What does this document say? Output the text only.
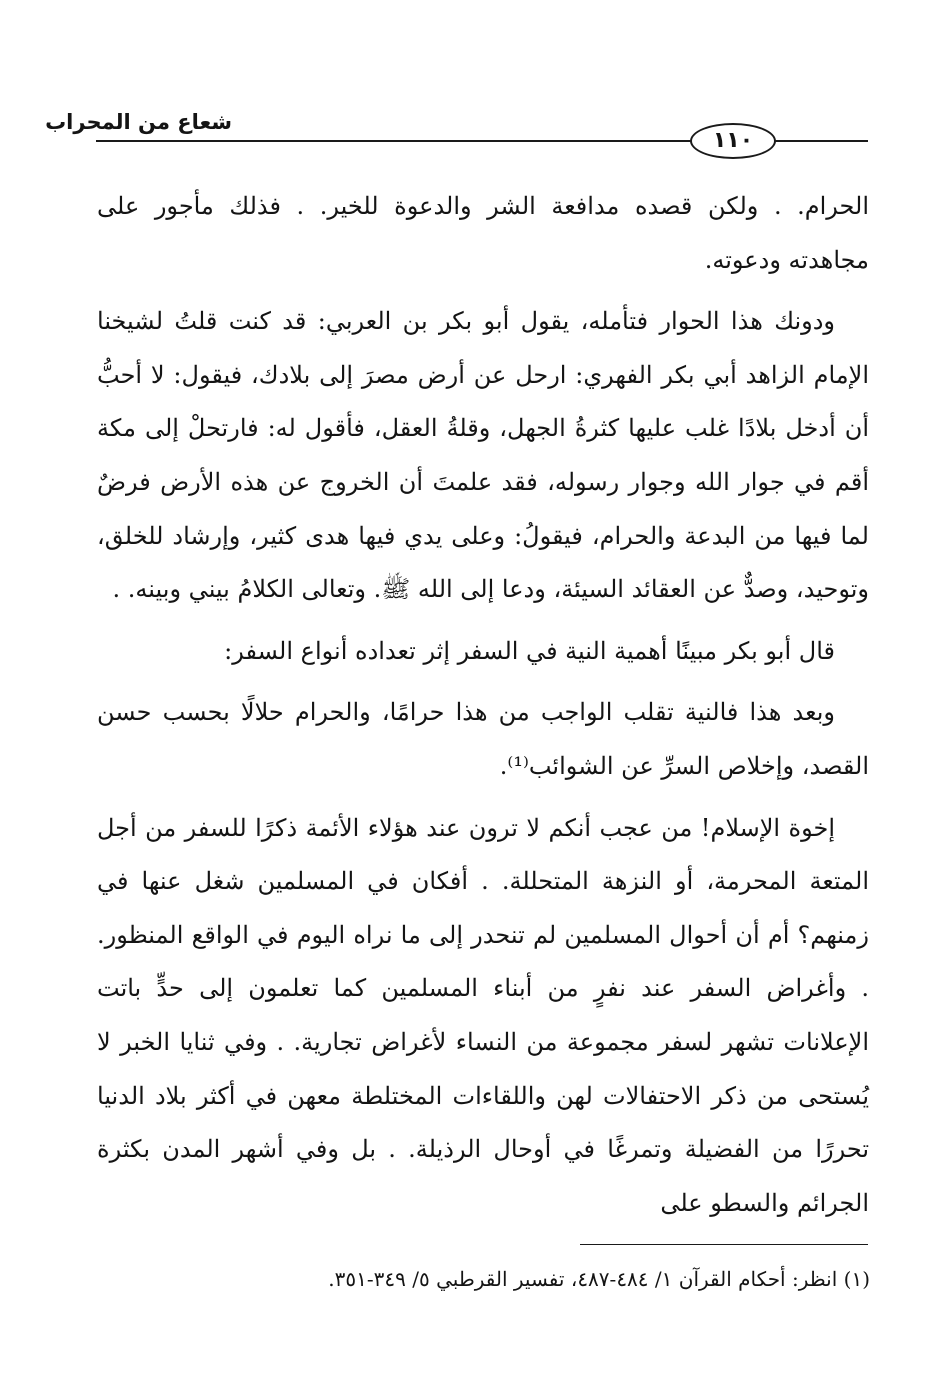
شعاع من المحراب
١١٠

الحرام. . ولكن قصده مدافعة الشر والدعوة للخير. . فذلك مأجور على مجاهدته ودعوته.

ودونك هذا الحوار فتأمله، يقول أبو بكر بن العربي: قد كنت قلتُ لشيخنا الإمام الزاهد أبي بكر الفهري: ارحل عن أرض مصرَ إلى بلادك، فيقول: لا أحبُّ أن أدخل بلادًا غلب عليها كثرةُ الجهل، وقلةُ العقل، فأقول له: فارتحلْ إلى مكة أقم في جوار الله وجوار رسوله، فقد علمتَ أن الخروج عن هذه الأرض فرضٌ لما فيها من البدعة والحرام، فيقولُ: وعلى يدي فيها هدى كثير، وإرشاد للخلق، وتوحيد، وصدٌّ عن العقائد السيئة، ودعا إلى الله ﷺ. وتعالى الكلامُ بيني وبينه. .

قال أبو بكر مبينًا أهمية النية في السفر إثر تعداده أنواع السفر:

وبعد هذا فالنية تقلب الواجب من هذا حرامًا، والحرام حلالًا بحسب حسن القصد، وإخلاص السرِّ عن الشوائب⁽¹⁾.

إخوة الإسلام! من عجب أنكم لا ترون عند هؤلاء الأئمة ذكرًا للسفر من أجل المتعة المحرمة، أو النزهة المتحللة. . أفكان في المسلمين شغل عنها في زمنهم؟ أم أن أحوال المسلمين لم تنحدر إلى ما نراه اليوم في الواقع المنظور. . وأغراض السفر عند نفرٍ من أبناء المسلمين كما تعلمون إلى حدٍّ باتت الإعلانات تشهر لسفر مجموعة من النساء لأغراض تجارية. . وفي ثنايا الخبر لا يُستحى من ذكر الاحتفالات لهن واللقاءات المختلطة معهن في أكثر بلاد الدنيا تحررًا من الفضيلة وتمرغًا في أوحال الرذيلة. . بل وفي أشهر المدن بكثرة الجرائم والسطو على

(١) انظر: أحكام القرآن ١/ ٤٨٤-٤٨٧، تفسير القرطبي ٥/ ٣٤٩-٣٥١.
